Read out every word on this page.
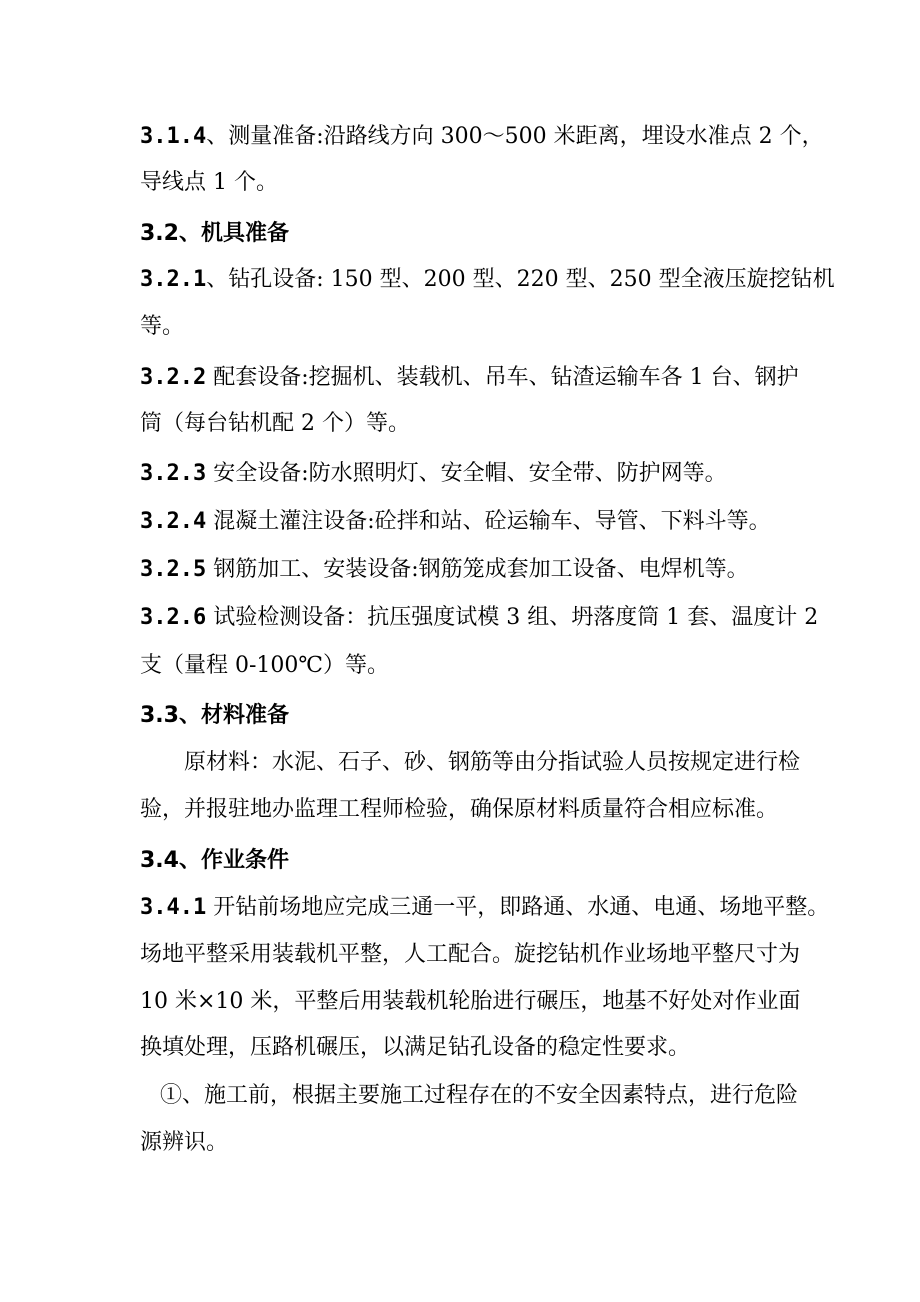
3.1.4、测量准备:沿路线方向 300～500 米距离，埋设水准点 2 个，
导线点 1 个。
3.2、机具准备
3.2.1、钻孔设备: 150 型、200 型、220 型、250 型全液压旋挖钻机
等。
3.2.2 配套设备:挖掘机、装载机、吊车、钻渣运输车各 1 台、钢护
筒（每台钻机配 2 个）等。
3.2.3 安全设备:防水照明灯、安全帽、安全带、防护网等。
3.2.4 混凝土灌注设备:砼拌和站、砼运输车、导管、下料斗等。
3.2.5 钢筋加工、安装设备:钢筋笼成套加工设备、电焊机等。
3.2.6 试验检测设备：抗压强度试模 3 组、坍落度筒 1 套、温度计 2
支（量程 0-100℃）等。
3.3、材料准备
原材料：水泥、石子、砂、钢筋等由分指试验人员按规定进行检
验，并报驻地办监理工程师检验，确保原材料质量符合相应标准。
3.4、作业条件
3.4.1 开钻前场地应完成三通一平，即路通、水通、电通、场地平整。
场地平整采用装载机平整，人工配合。旋挖钻机作业场地平整尺寸为
10 米×10 米，平整后用装载机轮胎进行碾压，地基不好处对作业面
换填处理，压路机碾压，以满足钻孔设备的稳定性要求。
①、施工前，根据主要施工过程存在的不安全因素特点，进行危险
源辨识。
